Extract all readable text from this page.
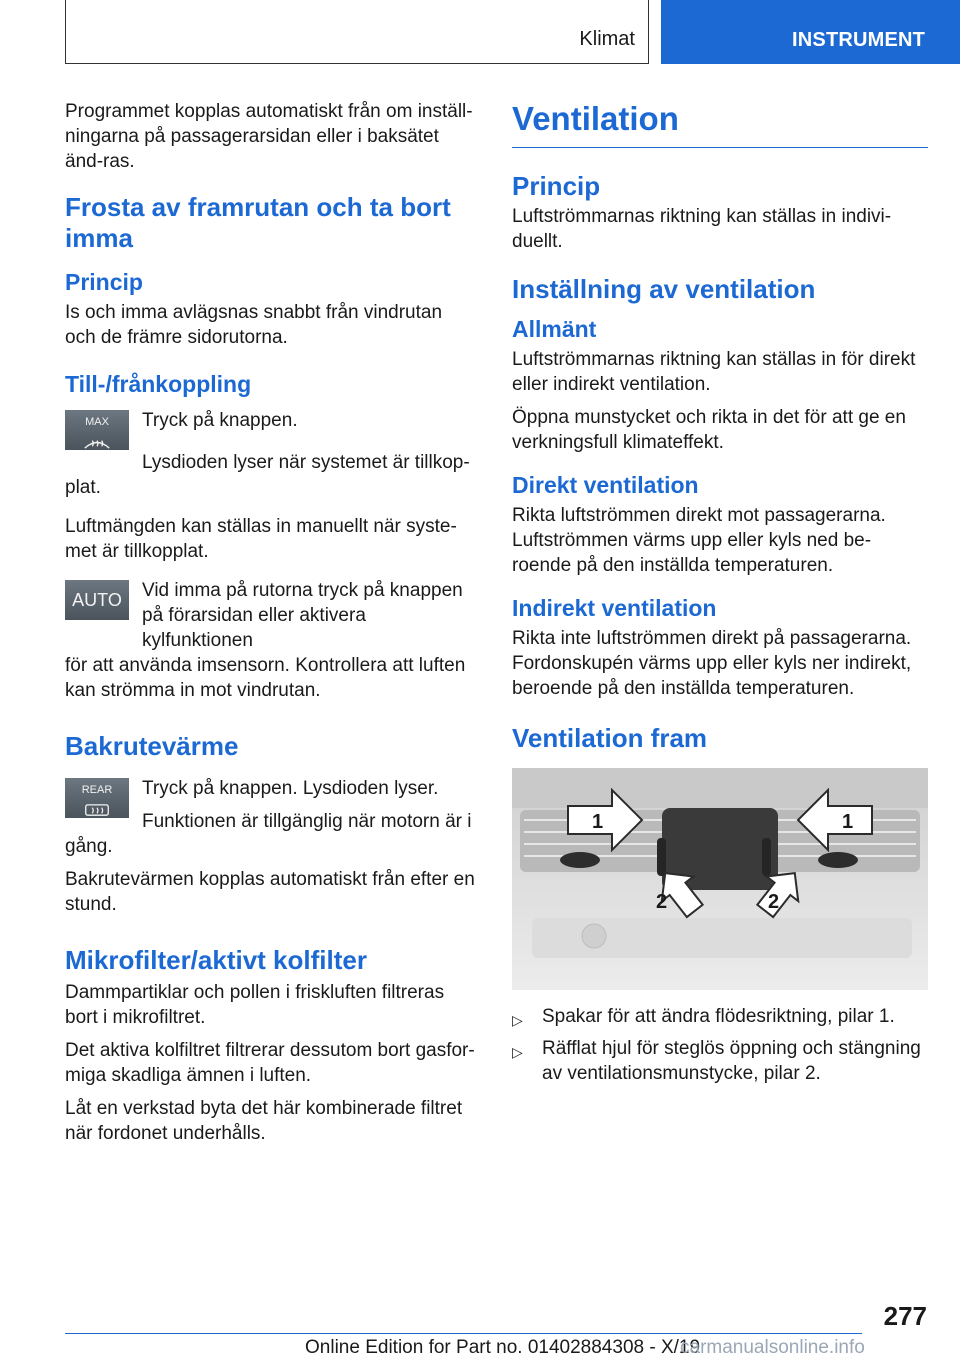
Klimat	INSTRUMENT

Programmet kopplas automatiskt från om inställ-ningarna på passagerarsidan eller i baksätet änd-ras.

Frosta av framrutan och ta bort imma
Princip

Is och imma avlägsnas snabbt från vindrutan och de främre sidorutorna.

Till-/frånkoppling
MAX Tryck på knappen.

Lysdioden lyser när systemet är tillkop-

plat.

Luftmängden kan ställas in manuellt när syste-met är tillkopplat.

AUTO Vid imma på rutorna tryck på knappen på förarsidan eller aktivera kylfunktionen

för att använda imsensorn. Kontrollera att luften kan strömma in mot vindrutan.

Bakrutevärme
REAR Tryck på knappen. Lysdioden lyser.

Funktionen är tillgänglig när motorn är i

gång.

Bakrutevärmen kopplas automatiskt från efter en stund.

Mikrofilter/aktivt kolfilter

Dammpartiklar och pollen i friskluften filtreras bort i mikrofiltret.

Det aktiva kolfiltret filtrerar dessutom bort gasfor-miga skadliga ämnen i luften.

Låt en verkstad byta det här kombinerade filtret när fordonet underhålls.

Ventilation
Princip

Luftströmmarnas riktning kan ställas in indivi-duellt.

Inställning av ventilation
Allmänt

Luftströmmarnas riktning kan ställas in för direkt eller indirekt ventilation.

Öppna munstycket och rikta in det för att ge en verkningsfull klimateffekt.

Direkt ventilation

Rikta luftströmmen direkt mot passagerarna. Luftströmmen värms upp eller kyls ned be-roende på den inställda temperaturen.

Indirekt ventilation

Rikta inte luftströmmen direkt på passagerarna. Fordonskupén värms upp eller kyls ner indirekt, beroende på den inställda temperaturen.

Ventilation fram
1	1
2	2
▷ Spakar för att ändra flödesriktning, pilar 1.
▷ Räfflat hjul för steglös öppning och stängning av ventilationsmunstycke, pilar 2.
277
Online Edition for Part no. 01402884308 - X/19
carmanualsonline.info
